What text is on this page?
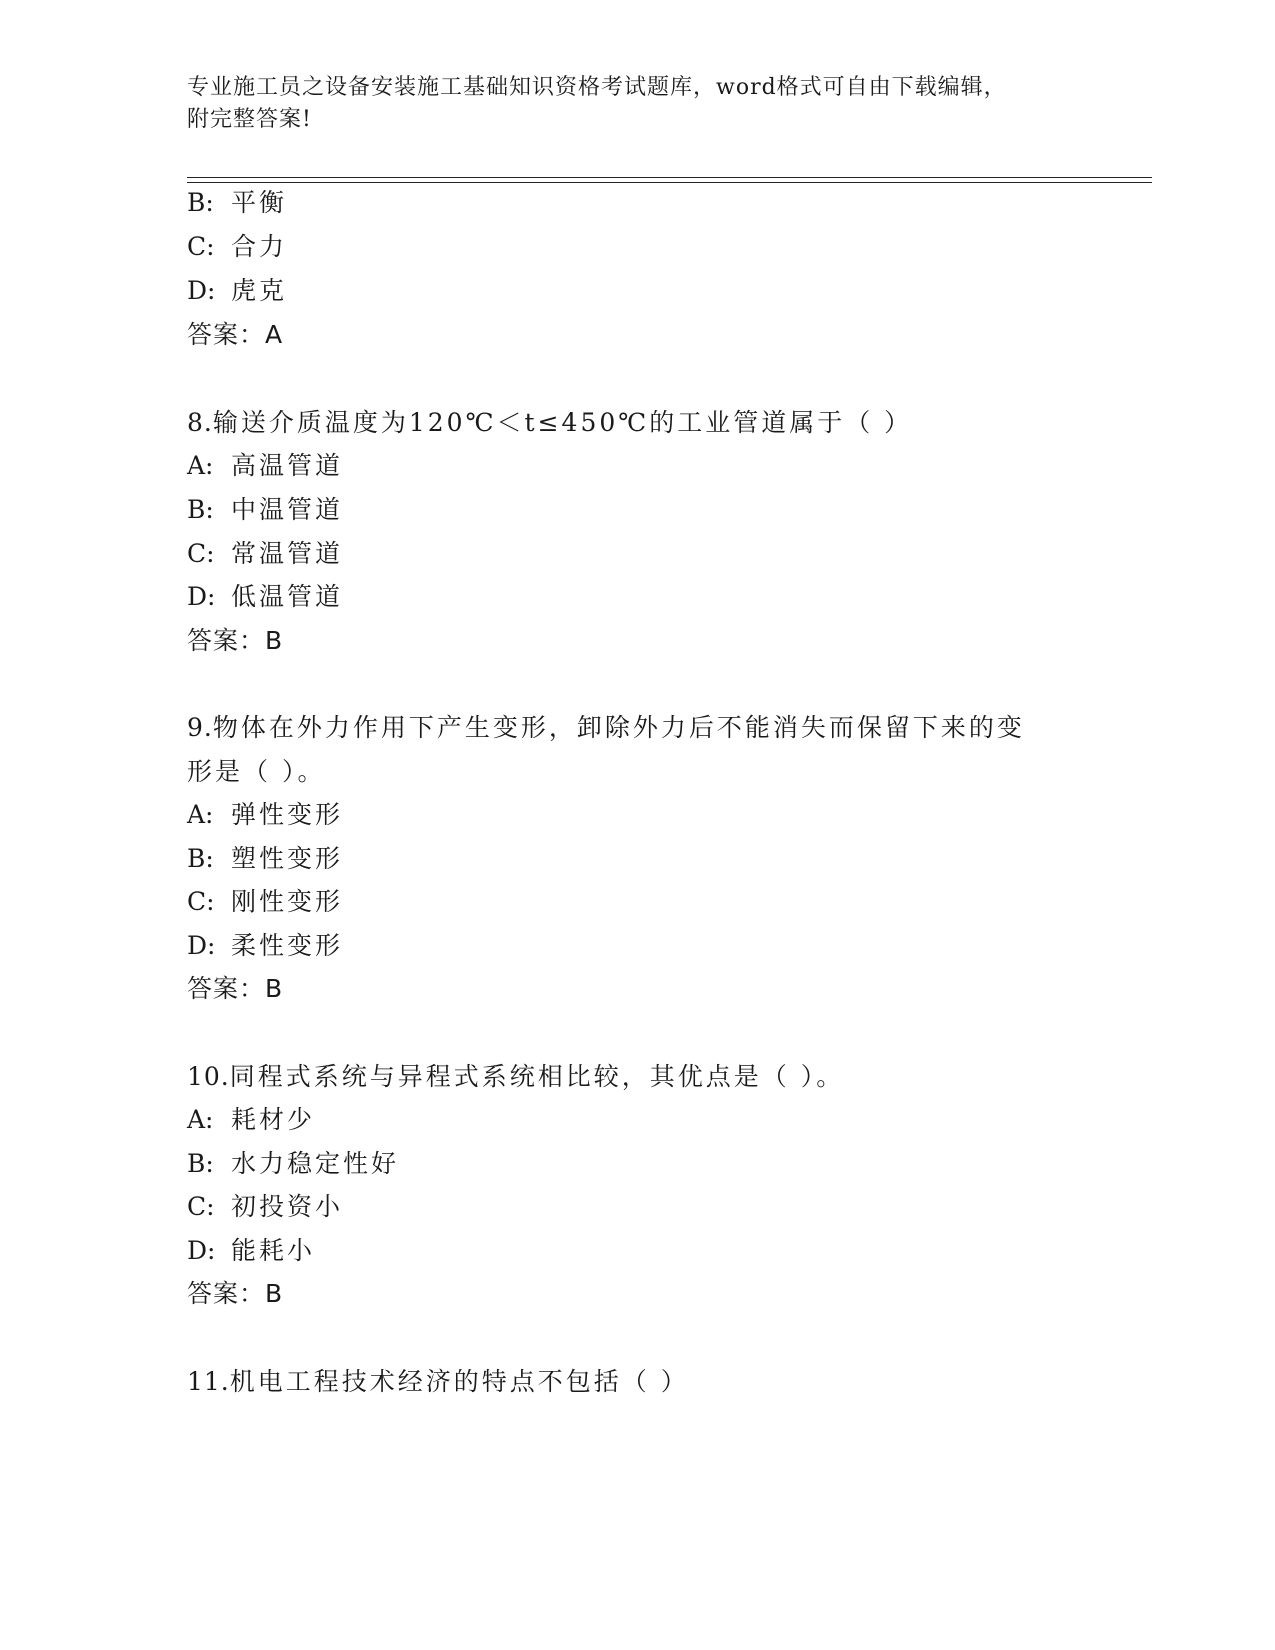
专业施工员之设备安装施工基础知识资格考试题库，word格式可自由下载编辑，
附完整答案!
B: 平衡
C: 合力
D: 虎克
答案：A
8.输送介质温度为120℃＜t≤450℃的工业管道属于（ ）
A: 高温管道
B: 中温管道
C: 常温管道
D: 低温管道
答案：B
9.物体在外力作用下产生变形，卸除外力后不能消失而保留下来的变
形是（ ）。
A: 弹性变形
B: 塑性变形
C: 刚性变形
D: 柔性变形
答案：B
10.同程式系统与异程式系统相比较，其优点是（ ）。
A: 耗材少
B: 水力稳定性好
C: 初投资小
D: 能耗小
答案：B
11.机电工程技术经济的特点不包括（ ）
